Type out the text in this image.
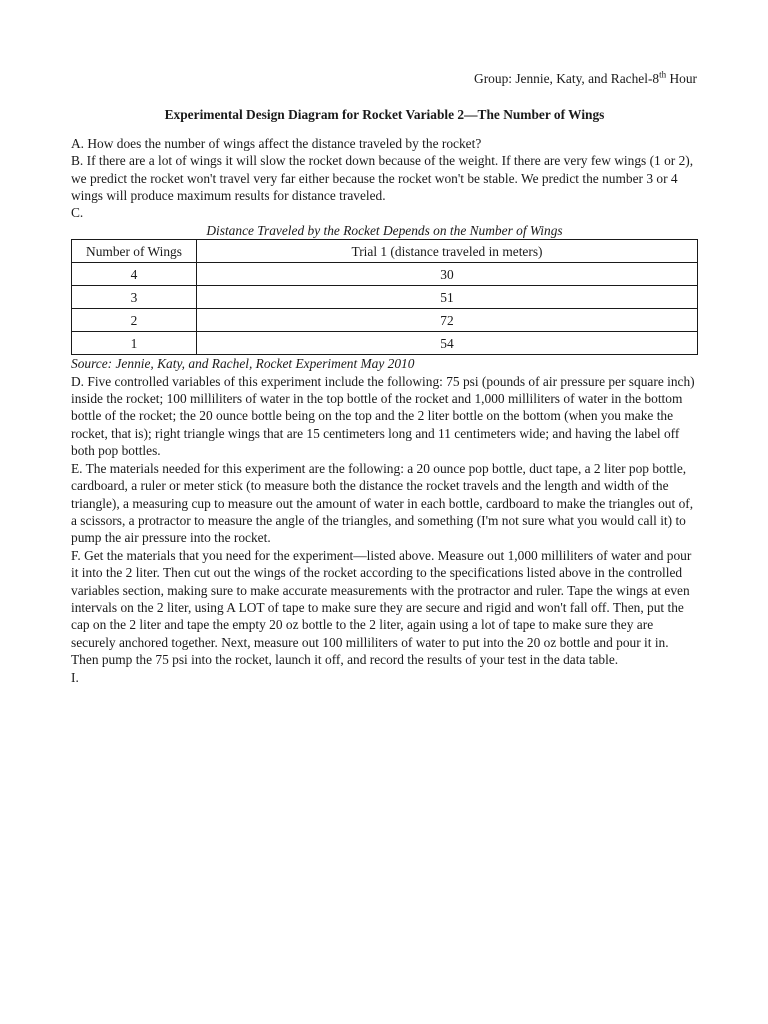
Group: Jennie, Katy, and Rachel-8th Hour
Experimental Design Diagram for Rocket Variable 2—The Number of Wings

A. How does the number of wings affect the distance traveled by the rocket?

B. If there are a lot of wings it will slow the rocket down because of the weight. If there are very few wings (1 or 2), we predict the rocket won't travel very far either because the rocket won't be stable. We predict the number 3 or 4 wings will produce maximum results for distance traveled.

C.

Distance Traveled by the Rocket Depends on the Number of Wings
Number of Wings	Trial 1 (distance traveled in meters)
4	30
3	51
2	72
1	54
Source: Jennie, Katy, and Rachel, Rocket Experiment May 2010

D. Five controlled variables of this experiment include the following: 75 psi (pounds of air pressure per square inch) inside the rocket; 100 milliliters of water in the top bottle of the rocket and 1,000 milliliters of water in the bottom bottle of the rocket; the 20 ounce bottle being on the top and the 2 liter bottle on the bottom (when you make the rocket, that is); right triangle wings that are 15 centimeters long and 11 centimeters wide; and having the label off both pop bottles.

E. The materials needed for this experiment are the following: a 20 ounce pop bottle, duct tape, a 2 liter pop bottle, cardboard, a ruler or meter stick (to measure both the distance the rocket travels and the length and width of the triangle), a measuring cup to measure out the amount of water in each bottle, cardboard to make the triangles out of, a scissors, a protractor to measure the angle of the triangles, and something (I'm not sure what you would call it) to pump the air pressure into the rocket.

F. Get the materials that you need for the experiment—listed above. Measure out 1,000 milliliters of water and pour it into the 2 liter. Then cut out the wings of the rocket according to the specifications listed above in the controlled variables section, making sure to make accurate measurements with the protractor and ruler. Tape the wings at even intervals on the 2 liter, using A LOT of tape to make sure they are secure and rigid and won't fall off. Then, put the cap on the 2 liter and tape the empty 20 oz bottle to the 2 liter, again using a lot of tape to make sure they are securely anchored together. Next, measure out 100 milliliters of water to put into the 20 oz bottle and pour it in. Then pump the 75 psi into the rocket, launch it off, and record the results of your test in the data table.

I.
